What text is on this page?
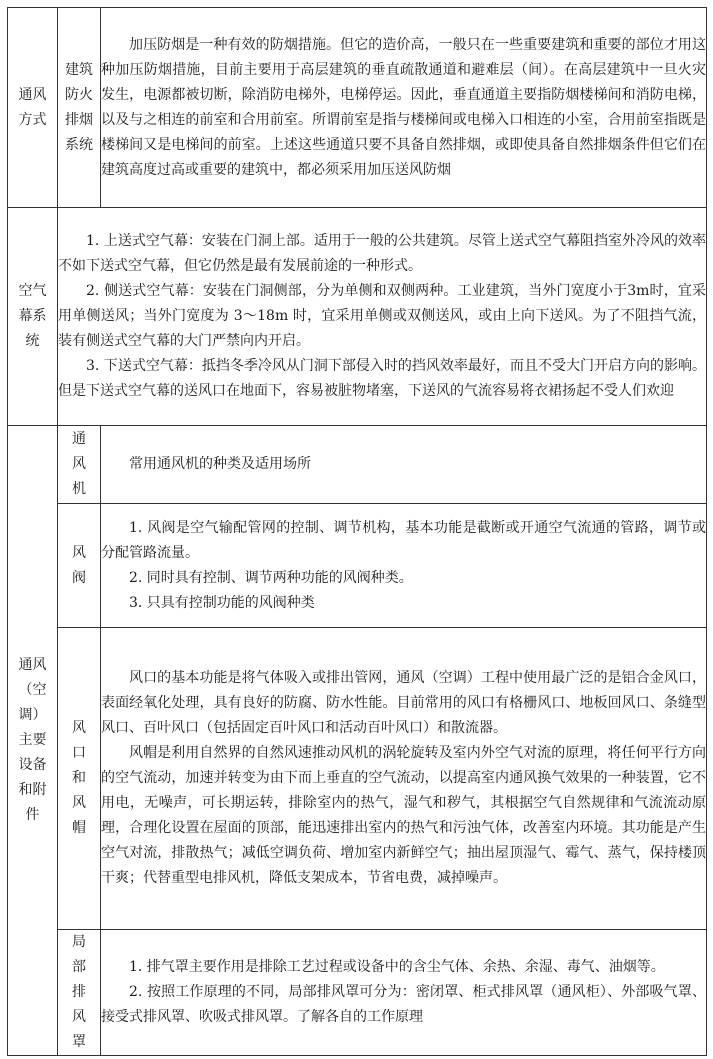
通风方式	建筑防火排烟系统	加压防烟是一种有效的防烟措施。但它的造价高，一般只在一些重要建筑和重要的部位才用这种加压防烟措施，目前主要用于高层建筑的垂直疏散通道和避难层（间）。在高层建筑中一旦火灾发生，电源都被切断，除消防电梯外，电梯停运。因此，垂直通道主要指防烟楼梯间和消防电梯，以及与之相连的前室和合用前室。所谓前室是指与楼梯间或电梯入口相连的小室，合用前室指既是楼梯间又是电梯间的前室。上述这些通道只要不具备自然排烟，或即使具备自然排烟条件但它们在建筑高度过高或重要的建筑中，都必须采用加压送风防烟

空气幕系统	1. 上送式空气幕：安装在门洞上部。适用于一般的公共建筑。尽管上送式空气幕阻挡室外冷风的效率不如下送式空气幕，但它仍然是最有发展前途的一种形式。

2. 侧送式空气幕：安装在门洞侧部，分为单侧和双侧两种。工业建筑，当外门宽度小于3m时，宜采用单侧送风；当外门宽度为 3～18m 时，宜采用单侧或双侧送风，或由上向下送风。为了不阻挡气流，装有侧送式空气幕的大门严禁向内开启。

3. 下送式空气幕：抵挡冬季冷风从门洞下部侵入时的挡风效率最好，而且不受大门开启方向的影响。但是下送式空气幕的送风口在地面下，容易被脏物堵塞，下送风的气流容易将衣裙扬起不受人们欢迎	

通风（空调）主要设备和附件	通风机	常用通风机的种类及适用场所

	风阀	1. 风阀是空气输配管网的控制、调节机构，基本功能是截断或开通空气流通的管路，调节或分配管路流量。

2. 同时具有控制、调节两种功能的风阀种类。

3. 只具有控制功能的风阀种类

	风口和风帽	风口的基本功能是将气体吸入或排出管网，通风（空调）工程中使用最广泛的是铝合金风口，表面经氧化处理，具有良好的防腐、防水性能。目前常用的风口有格栅风口、地板回风口、条缝型风口、百叶风口（包括固定百叶风口和活动百叶风口）和散流器。

风帽是利用自然界的自然风速推动风机的涡轮旋转及室内外空气对流的原理，将任何平行方向的空气流动，加速并转变为由下而上垂直的空气流动，以提高室内通风换气效果的一种装置，它不用电，无噪声，可长期运转，排除室内的热气，湿气和秽气，其根据空气自然规律和气流流动原理，合理化设置在屋面的顶部，能迅速排出室内的热气和污浊气体，改善室内环境。其功能是产生空气对流，排散热气；减低空调负荷、增加室内新鲜空气；抽出屋顶湿气、霉气、蒸气，保持楼顶干爽；代替重型电排风机，降低支架成本，节省电费，减掉噪声。

	局部排风罩	1. 排气罩主要作用是排除工艺过程或设备中的含尘气体、余热、余湿、毒气、油烟等。

2. 按照工作原理的不同，局部排风罩可分为：密闭罩、柜式排风罩（通风柜）、外部吸气罩、接受式排风罩、吹吸式排风罩。了解各自的工作原理
